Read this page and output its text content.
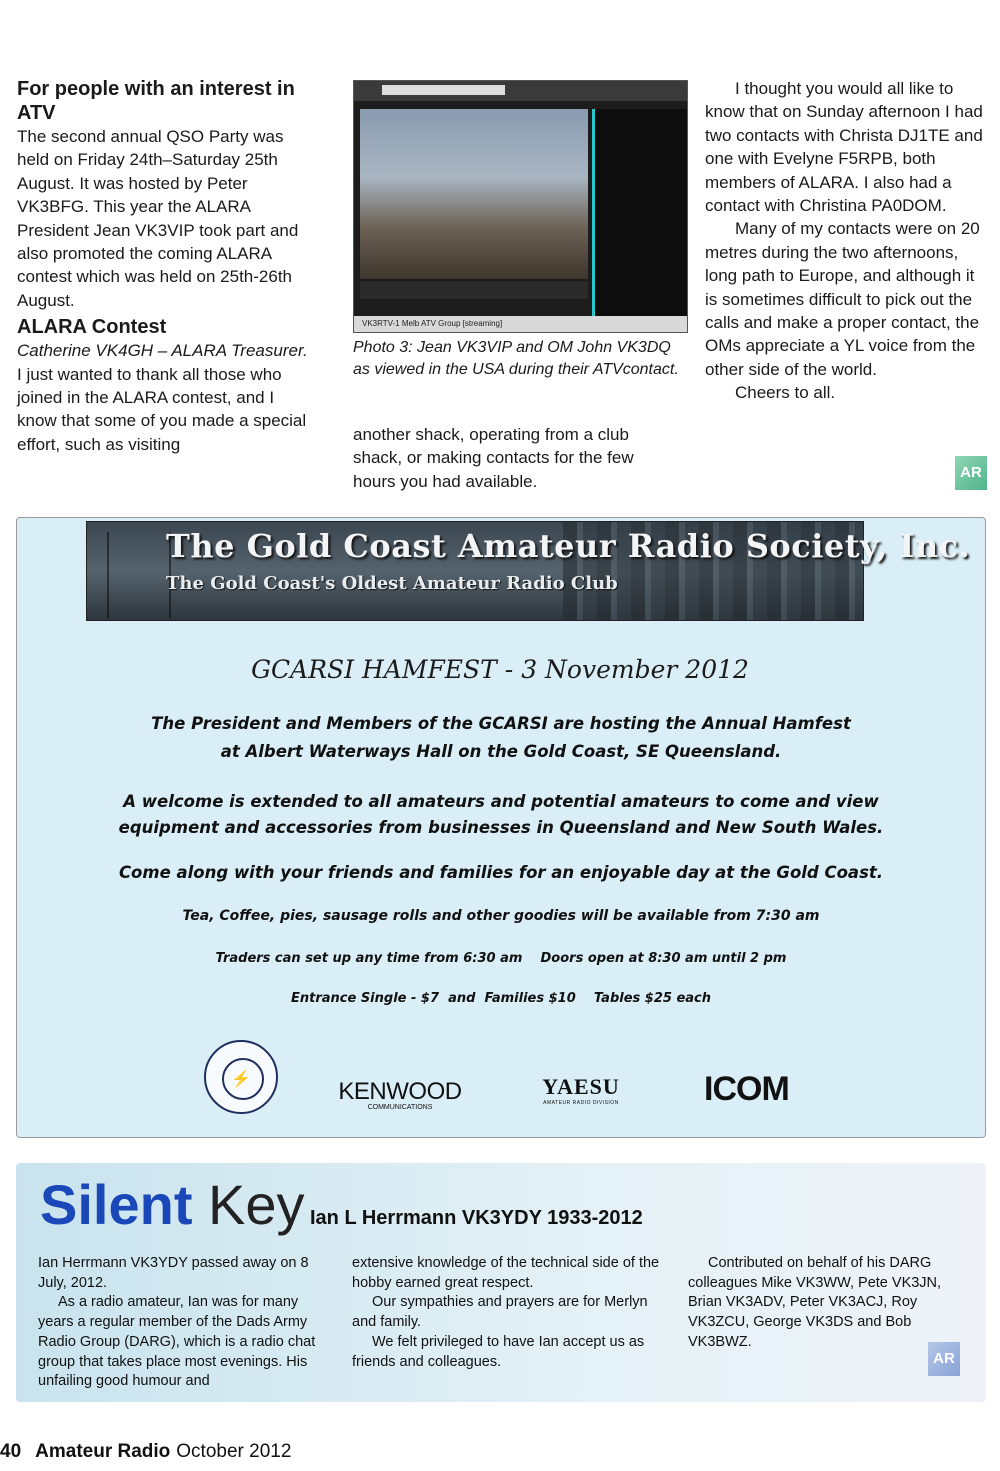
For people with an interest in ATV

The second annual QSO Party was held on Friday 24th–Saturday 25th August. It was hosted by Peter VK3BFG. This year the ALARA President Jean VK3VIP took part and also promoted the coming ALARA contest which was held on 25th-26th August.

ALARA Contest

Catherine VK4GH – ALARA Treasurer.

I just wanted to thank all those who joined in the ALARA contest, and I know that some of you made a special effort, such as visiting

VK3RTV-1 Melb ATV Group [streaming]
Photo 3: Jean VK3VIP and OM John VK3DQ as viewed in the USA during their ATVcontact.

another shack, operating from a club shack, or making contacts for the few hours you had available.

I thought you would all like to know that on Sunday afternoon I had two contacts with Christa DJ1TE and one with Evelyne F5RPB, both members of ALARA. I also had a contact with Christina PA0DOM.

Many of my contacts were on 20 metres during the two afternoons, long path to Europe, and although it is sometimes difficult to pick out the calls and make a proper contact, the OMs appreciate a YL voice from the other side of the world.

Cheers to all.

AR
The Gold Coast Amateur Radio Society, Inc.
The Gold Coast's Oldest Amateur Radio Club
GCARSI HAMFEST - 3 November 2012
The President and Members of the GCARSI are hosting the Annual Hamfest
at Albert Waterways Hall on the Gold Coast, SE Queensland.
A welcome is extended to all amateurs and potential amateurs to come and view
equipment and accessories from businesses in Queensland and New South Wales.
Come along with your friends and families for an enjoyable day at the Gold Coast.
Tea, Coffee, pies, sausage rolls and other goodies will be available from 7:30 am
Traders can set up any time from 6:30 am    Doors open at 8:30 am until 2 pm
Entrance Single - $7  and  Families $10    Tables $25 each
⚡	KENWOOD
COMMUNICATIONS
YAESU
AMATEUR RADIO DIVISION	ICOM
Silent Key Ian L Herrmann VK3YDY 1933-2012

Ian Herrmann VK3YDY passed away on 8 July, 2012.

As a radio amateur, Ian was for many years a regular member of the Dads Army Radio Group (DARG), which is a radio chat group that takes place most evenings. His unfailing good humour and

extensive knowledge of the technical side of the hobby earned great respect.

Our sympathies and prayers are for Merlyn and family.

We felt privileged to have Ian accept us as friends and colleagues.

Contributed on behalf of his DARG colleagues Mike VK3WW, Pete VK3JN, Brian VK3ADV, Peter VK3ACJ, Roy VK3ZCU, George VK3DS and Bob VK3BWZ.

AR
40 Amateur Radio October 2012
